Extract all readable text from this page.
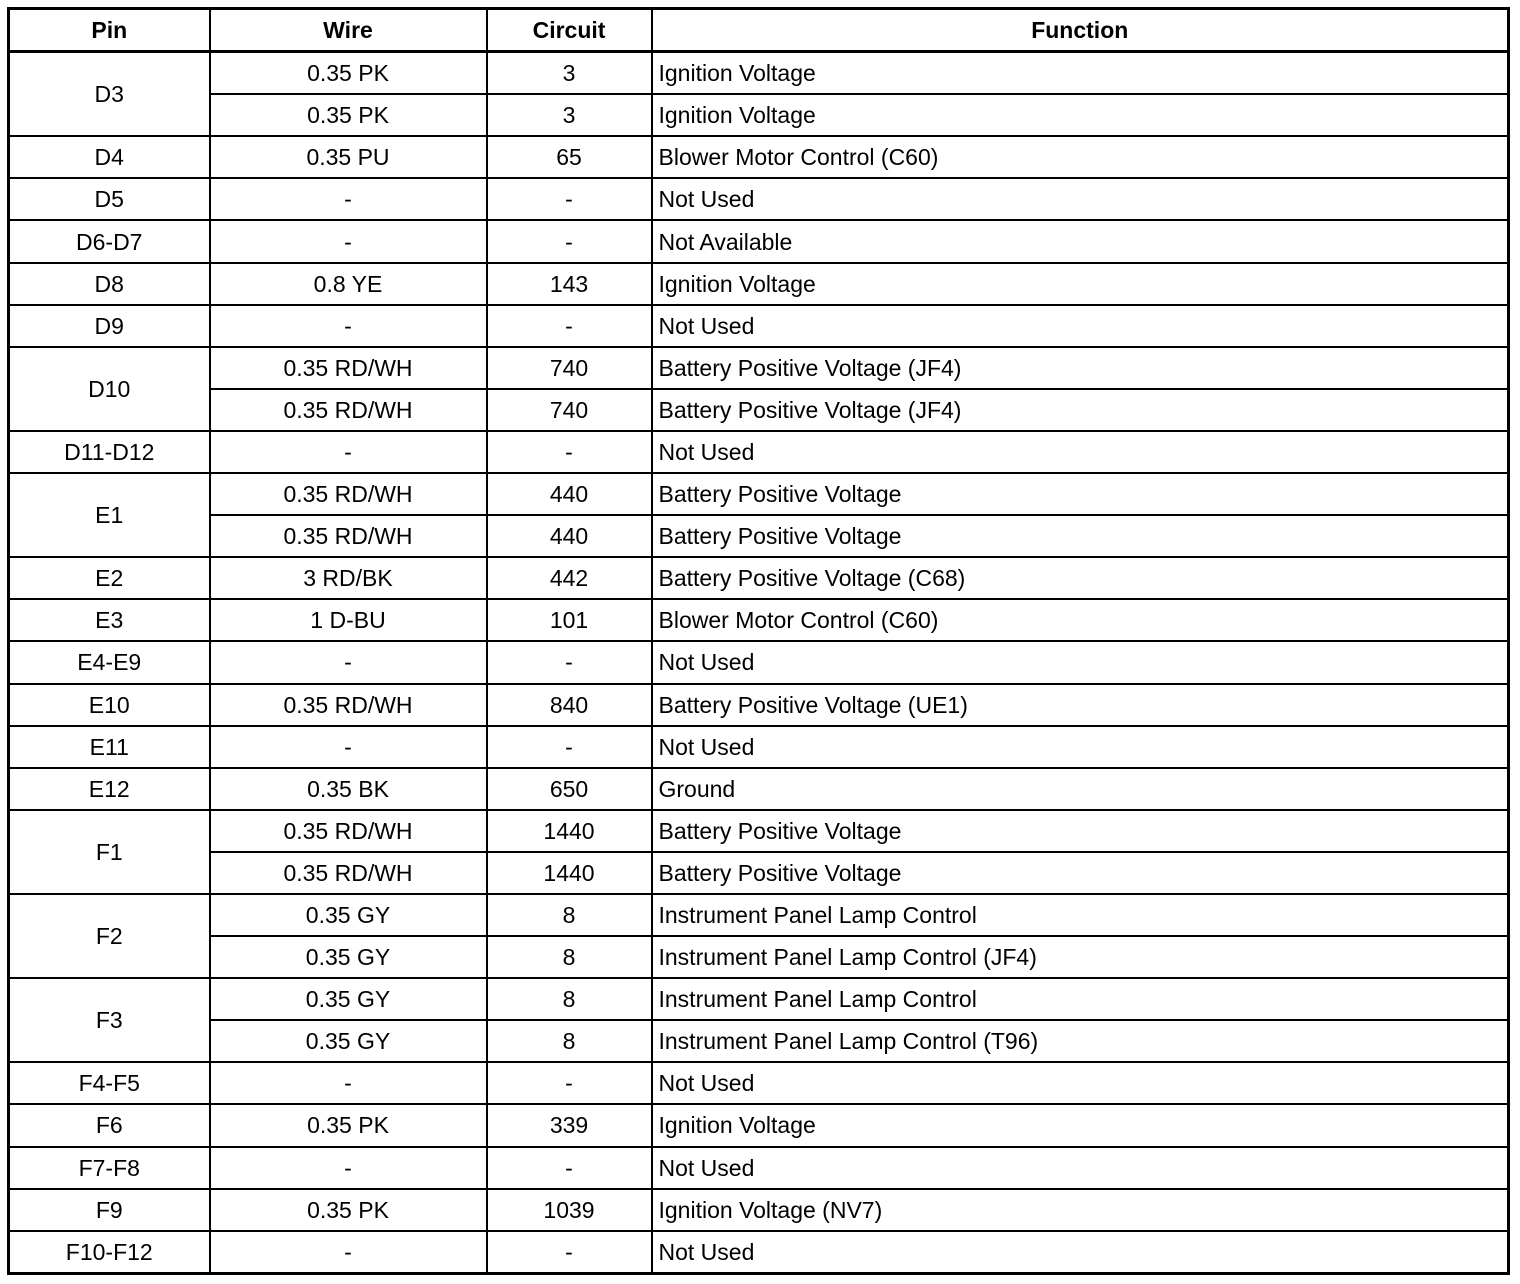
Pin	Wire	Circuit	Function
D3	0.35 PK	3	Ignition Voltage
	0.35 PK	3	Ignition Voltage
D4	0.35 PU	65	Blower Motor Control (C60)
D5	-	-	Not Used
D6-D7	-	-	Not Available
D8	0.8 YE	143	Ignition Voltage
D9	-	-	Not Used
D10	0.35 RD/WH	740	Battery Positive Voltage (JF4)
	0.35 RD/WH	740	Battery Positive Voltage (JF4)
D11-D12	-	-	Not Used
E1	0.35 RD/WH	440	Battery Positive Voltage
	0.35 RD/WH	440	Battery Positive Voltage
E2	3 RD/BK	442	Battery Positive Voltage (C68)
E3	1 D-BU	101	Blower Motor Control (C60)
E4-E9	-	-	Not Used
E10	0.35 RD/WH	840	Battery Positive Voltage (UE1)
E11	-	-	Not Used
E12	0.35 BK	650	Ground
F1	0.35 RD/WH	1440	Battery Positive Voltage
	0.35 RD/WH	1440	Battery Positive Voltage
F2	0.35 GY	8	Instrument Panel Lamp Control
	0.35 GY	8	Instrument Panel Lamp Control (JF4)
F3	0.35 GY	8	Instrument Panel Lamp Control
	0.35 GY	8	Instrument Panel Lamp Control (T96)
F4-F5	-	-	Not Used
F6	0.35 PK	339	Ignition Voltage
F7-F8	-	-	Not Used
F9	0.35 PK	1039	Ignition Voltage (NV7)
F10-F12	-	-	Not Used
